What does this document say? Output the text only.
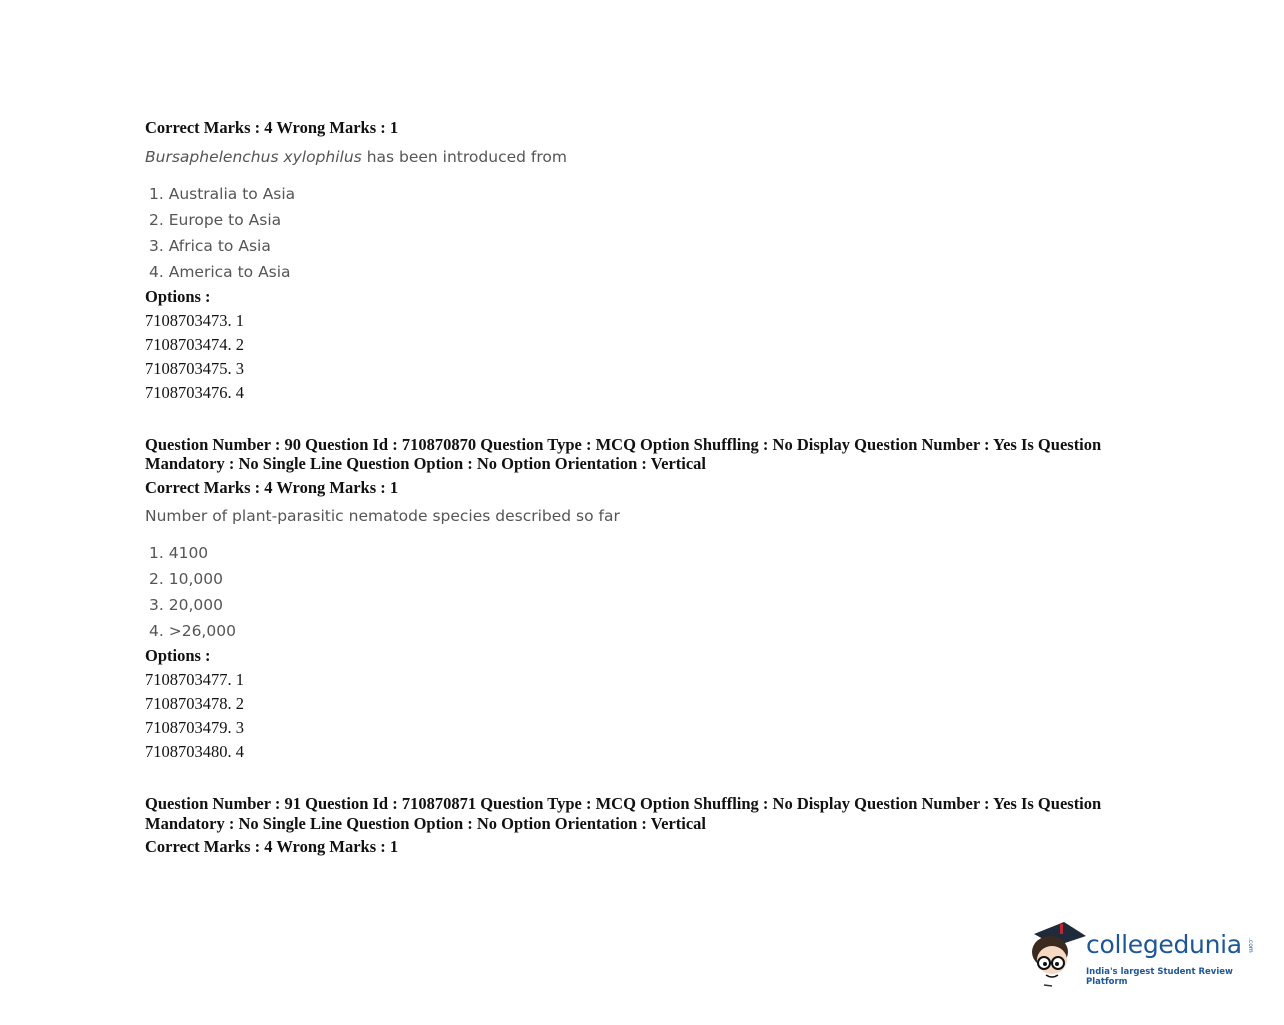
Correct Marks : 4 Wrong Marks : 1
Bursaphelenchus xylophilus has been introduced from
1. Australia to Asia
2. Europe to Asia
3. Africa to Asia
4. America to Asia
Options :
7108703473. 1
7108703474. 2
7108703475. 3
7108703476. 4
Question Number : 90 Question Id : 710870870 Question Type : MCQ Option Shuffling : No Display Question Number : Yes Is Question Mandatory : No Single Line Question Option : No Option Orientation : Vertical
Correct Marks : 4 Wrong Marks : 1
Number of plant-parasitic nematode species described so far
1. 4100
2. 10,000
3. 20,000
4. >26,000
Options :
7108703477. 1
7108703478. 2
7108703479. 3
7108703480. 4
Question Number : 91 Question Id : 710870871 Question Type : MCQ Option Shuffling : No Display Question Number : Yes Is Question Mandatory : No Single Line Question Option : No Option Orientation : Vertical
Correct Marks : 4 Wrong Marks : 1
collegedunia .com
India's largest Student Review Platform
